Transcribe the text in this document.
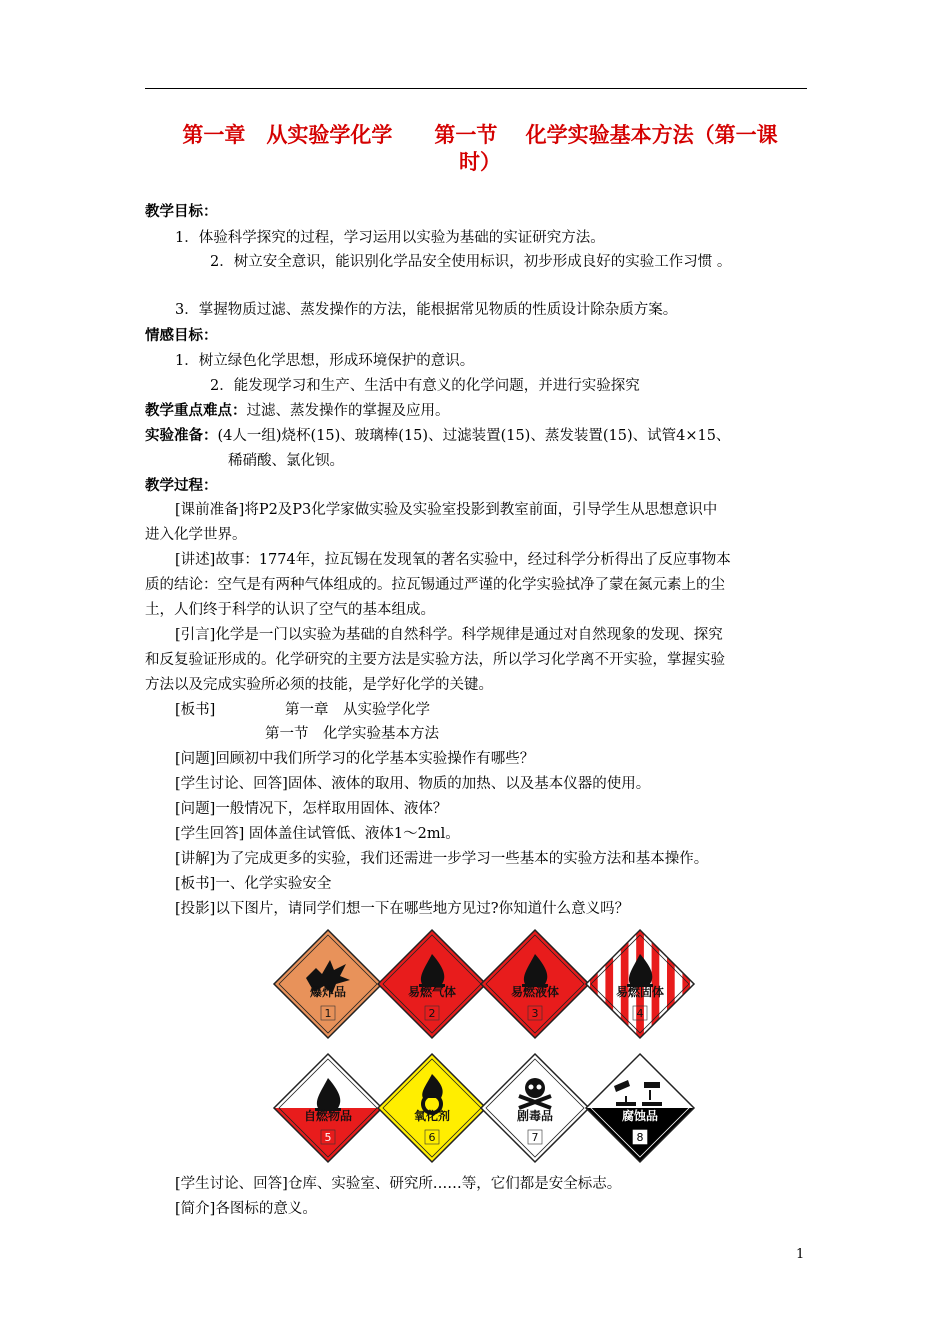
第一章　从实验学化学　　第一节　 化学实验基本方法（第一课
时）
教学目标：
1．体验科学探究的过程，学习运用以实验为基础的实证研究方法。
2．树立安全意识，能识别化学品安全使用标识，初步形成良好的实验工作习惯 。
3．掌握物质过滤、蒸发操作的方法，能根据常见物质的性质设计除杂质方案。
情感目标：
1．树立绿色化学思想，形成环境保护的意识。
2．能发现学习和生产、生活中有意义的化学问题，并进行实验探究
教学重点难点：过滤、蒸发操作的掌握及应用。
实验准备：(4人一组)烧杯(15)、玻璃棒(15)、过滤装置(15)、蒸发装置(15)、试管4×15、
稀硝酸、氯化钡。
教学过程：
[课前准备]将P2及P3化学家做实验及实验室投影到教室前面，引导学生从思想意识中
进入化学世界。
[讲述]故事：1774年，拉瓦锡在发现氧的著名实验中，经过科学分析得出了反应事物本
质的结论：空气是有两种气体组成的。拉瓦锡通过严谨的化学实验拭净了蒙在氮元素上的尘
土，人们终于科学的认识了空气的基本组成。
[引言]化学是一门以实验为基础的自然科学。科学规律是通过对自然现象的发现、探究
和反复验证形成的。化学研究的主要方法是实验方法，所以学习化学离不开实验，掌握实验
方法以及完成实验所必须的技能，是学好化学的关键。
[板书]	第一章　从实验学化学
第一节　化学实验基本方法
[问题]回顾初中我们所学习的化学基本实验操作有哪些？
[学生讨论、回答]固体、液体的取用、物质的加热、以及基本仪器的使用。
[问题]一般情况下，怎样取用固体、液体？
[学生回答] 固体盖住试管低、液体1～2ml。
[讲解]为了完成更多的实验，我们还需进一步学习一些基本的实验方法和基本操作。
[板书]一、化学实验安全
[投影]以下图片，请同学们想一下在哪些地方见过?你知道什么意义吗？
爆炸品
1
易燃气体
2
易燃液体
3
易燃固体
4
自燃物品
5
氧化剂
6
剧毒品
7
腐蚀品
8
[学生讨论、回答]仓库、实验室、研究所……等，它们都是安全标志。
[简介]各图标的意义。
1
